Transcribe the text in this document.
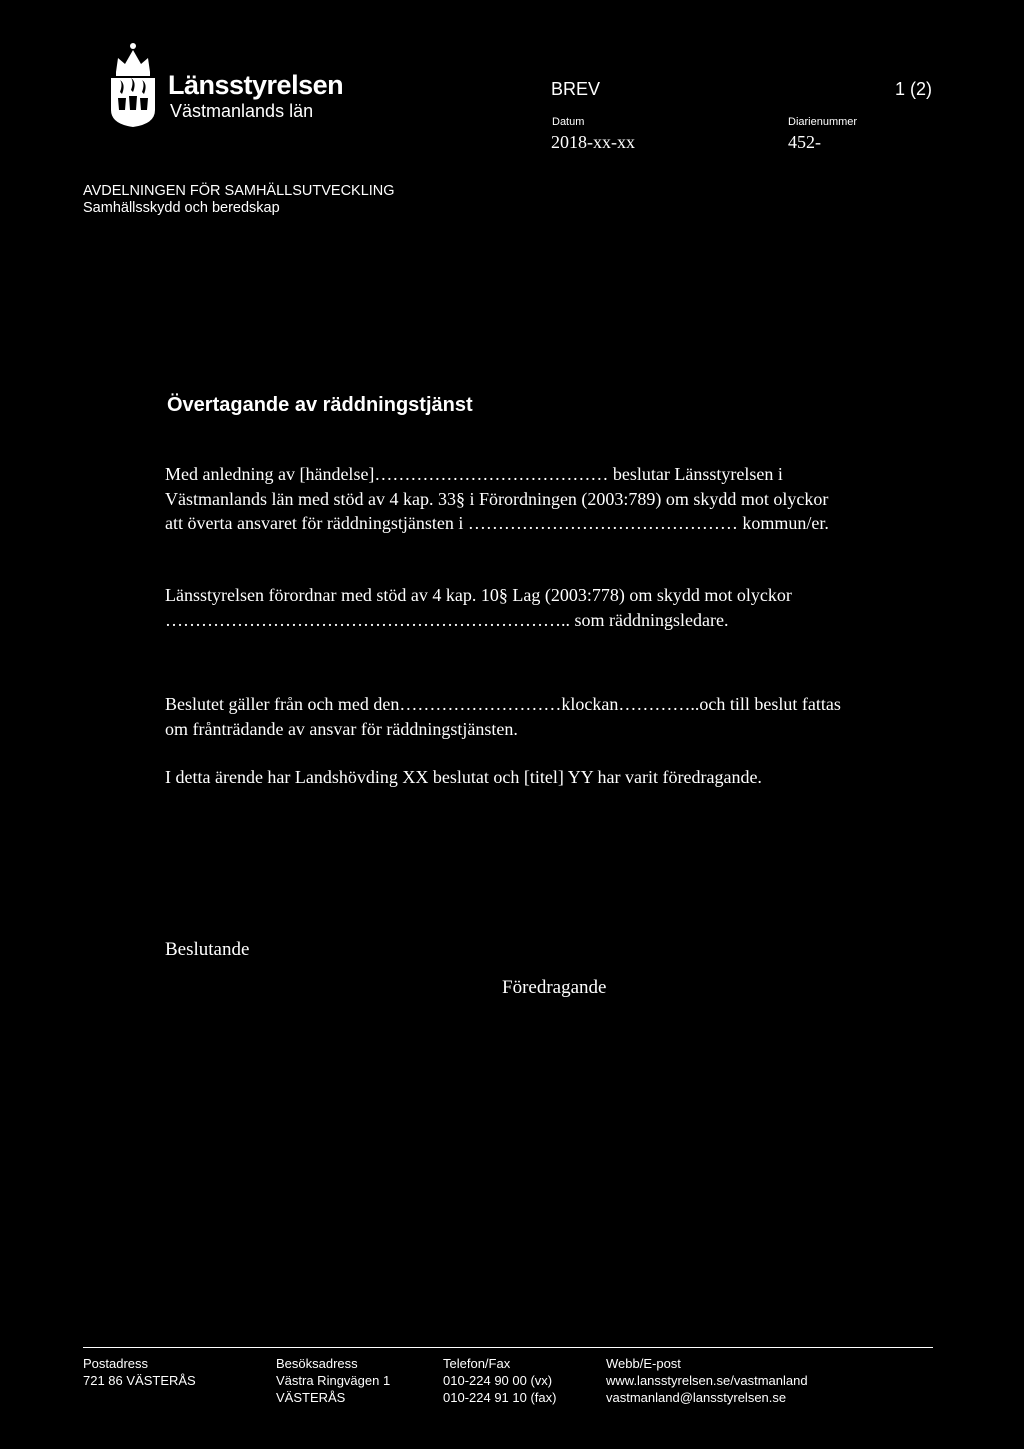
Länsstyrelsen
Västmanlands län
BREV	1 (2)
Datum
2018-xx-xx
Diarienummer
452-
AVDELNINGEN FÖR SAMHÄLLSUTVECKLING
Samhällsskydd och beredskap
Övertagande av räddningstjänst
Med anledning av [händelse]………………………………… beslutar Länsstyrelsen i Västmanlands län med stöd av 4 kap. 33§ i Förordningen (2003:789) om skydd mot olyckor att överta ansvaret för räddningstjänsten i ……………………………………… kommun/er.
Länsstyrelsen förordnar med stöd av 4 kap. 10§ Lag (2003:778) om skydd mot olyckor ………………………………………………………….. som räddningsledare.
Beslutet gäller från och med den………………………klockan…………..och till beslut fattas om frånträdande av ansvar för räddningstjänsten.
I detta ärende har Landshövding XX beslutat och [titel] YY har varit föredragande.
Beslutande
Föredragande
Postadress
721 86 VÄSTERÅS
Besöksadress
Västra Ringvägen 1
VÄSTERÅS
Telefon/Fax
010-224 90 00 (vx)
010-224 91 10 (fax)
Webb/E-post
www.lansstyrelsen.se/vastmanland
vastmanland@lansstyrelsen.se
